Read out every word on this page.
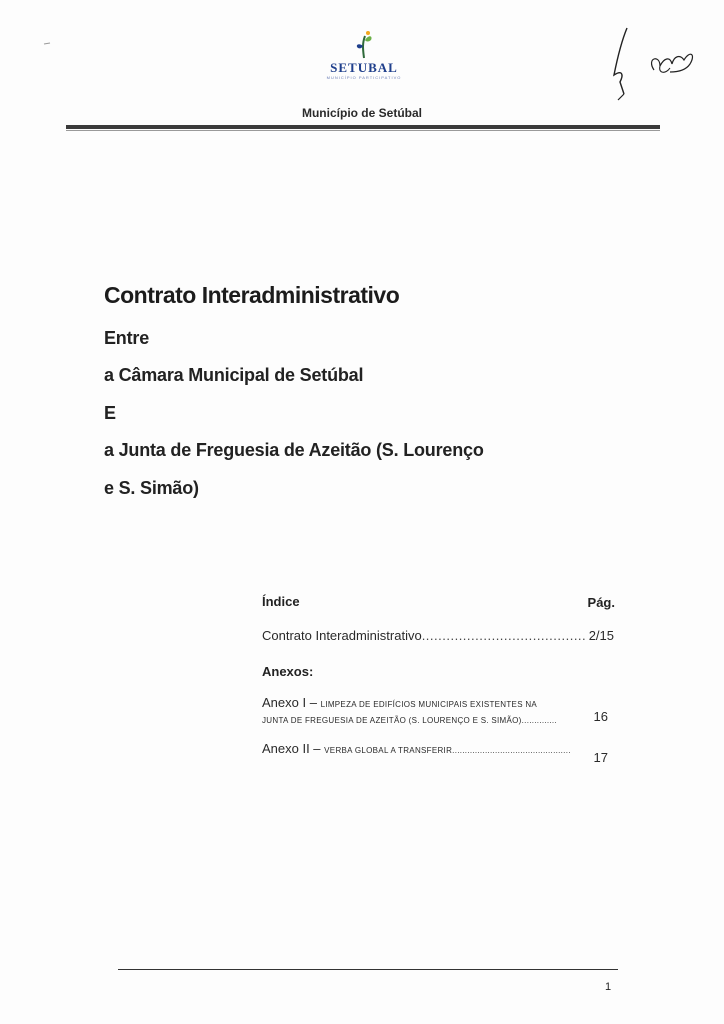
SETUBAL
MUNICÍPIO PARTICIPATIVO
Município de Setúbal
Contrato Interadministrativo
Entre
a Câmara Municipal de Setúbal
E
a Junta de Freguesia de Azeitão (S. Lourenço
e S. Simão)
Índice	Pág.
Contrato Interadministrativo........................................ 2/15
Anexos:
Anexo I – LIMPEZA DE EDIFÍCIOS MUNICIPAIS EXISTENTES NA
JUNTA DE FREGUESIA DE AZEITÃO (S. LOURENÇO E S. SIMÃO)..............	16
Anexo II – VERBA GLOBAL A TRANSFERIR...............................................	17
1
